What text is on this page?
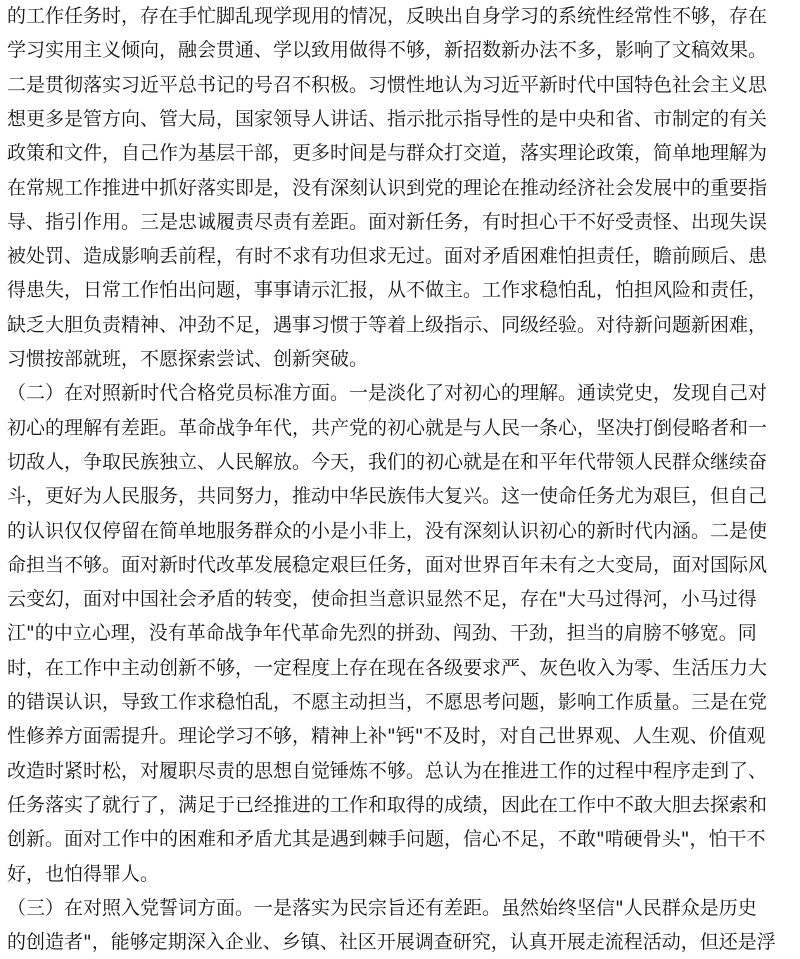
的工作任务时，存在手忙脚乱现学现用的情况，反映出自身学习的系统性经常性不够，存在
学习实用主义倾向，融会贯通、学以致用做得不够，新招数新办法不多，影响了文稿效果。
二是贯彻落实习近平总书记的号召不积极。习惯性地认为习近平新时代中国特色社会主义思
想更多是管方向、管大局，国家领导人讲话、指示批示指导性的是中央和省、市制定的有关
政策和文件，自己作为基层干部，更多时间是与群众打交道，落实理论政策，简单地理解为
在常规工作推进中抓好落实即是，没有深刻认识到党的理论在推动经济社会发展中的重要指
导、指引作用。三是忠诚履责尽责有差距。面对新任务，有时担心干不好受责怪、出现失误
被处罚、造成影响丢前程，有时不求有功但求无过。面对矛盾困难怕担责任，瞻前顾后、患
得患失，日常工作怕出问题，事事请示汇报，从不做主。工作求稳怕乱，怕担风险和责任，
缺乏大胆负责精神、冲劲不足，遇事习惯于等着上级指示、同级经验。对待新问题新困难，
习惯按部就班，不愿探索尝试、创新突破。
（二）在对照新时代合格党员标准方面。一是淡化了对初心的理解。通读党史，发现自己对
初心的理解有差距。革命战争年代，共产党的初心就是与人民一条心，坚决打倒侵略者和一
切敌人，争取民族独立、人民解放。今天，我们的初心就是在和平年代带领人民群众继续奋
斗，更好为人民服务，共同努力，推动中华民族伟大复兴。这一使命任务尤为艰巨，但自己
的认识仅仅停留在简单地服务群众的小是小非上，没有深刻认识初心的新时代内涵。二是使
命担当不够。面对新时代改革发展稳定艰巨任务，面对世界百年未有之大变局，面对国际风
云变幻，面对中国社会矛盾的转变，使命担当意识显然不足，存在"大马过得河，小马过得
江"的中立心理，没有革命战争年代革命先烈的拼劲、闯劲、干劲，担当的肩膀不够宽。同
时，在工作中主动创新不够，一定程度上存在现在各级要求严、灰色收入为零、生活压力大
的错误认识，导致工作求稳怕乱，不愿主动担当，不愿思考问题，影响工作质量。三是在党
性修养方面需提升。理论学习不够，精神上补"钙"不及时，对自己世界观、人生观、价值观
改造时紧时松，对履职尽责的思想自觉锤炼不够。总认为在推进工作的过程中程序走到了、
任务落实了就行了，满足于已经推进的工作和取得的成绩，因此在工作中不敢大胆去探索和
创新。面对工作中的困难和矛盾尤其是遇到棘手问题，信心不足，不敢"啃硬骨头"，怕干不
好，也怕得罪人。
（三）在对照入党誓词方面。一是落实为民宗旨还有差距。虽然始终坚信"人民群众是历史
的创造者"，能够定期深入企业、乡镇、社区开展调查研究，认真开展走流程活动，但还是浮
